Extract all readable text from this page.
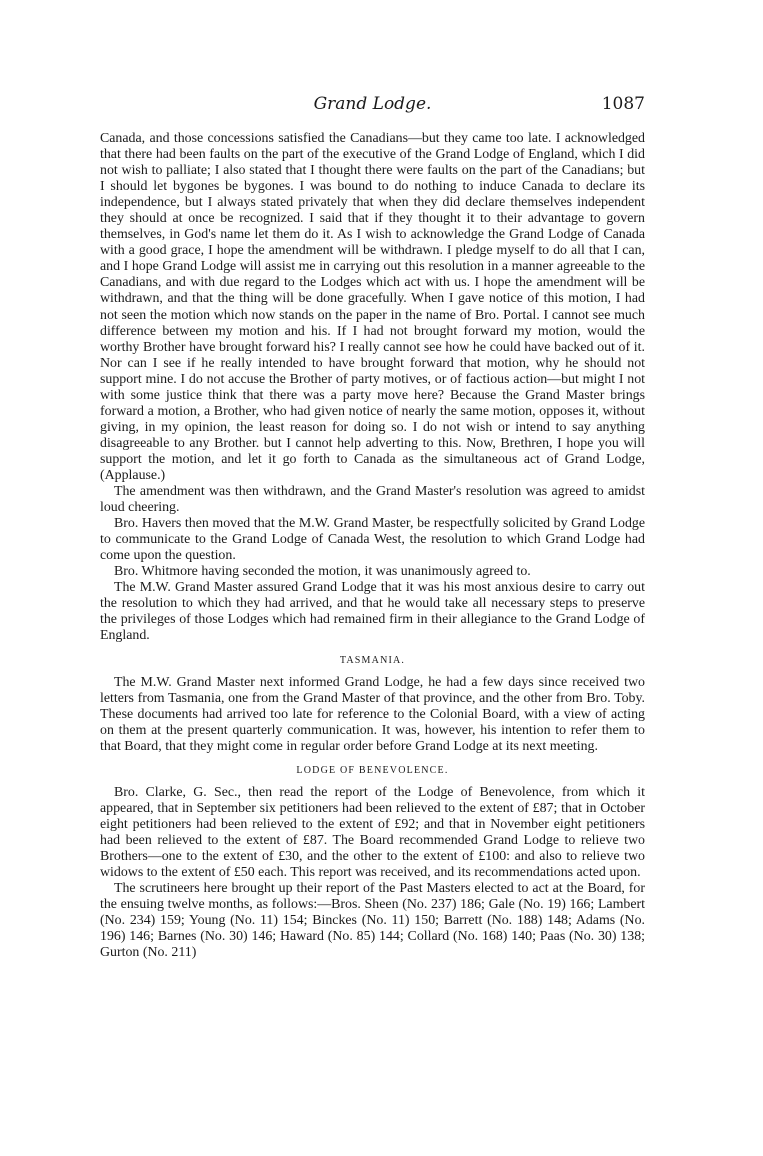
Grand Lodge.	1087

Canada, and those concessions satisfied the Canadians—but they came too late. I acknowledged that there had been faults on the part of the executive of the Grand Lodge of England, which I did not wish to palliate; I also stated that I thought there were faults on the part of the Canadians; but I should let bygones be bygones. I was bound to do nothing to induce Canada to declare its independence, but I always stated privately that when they did declare themselves independent they should at once be recognized. I said that if they thought it to their advantage to govern themselves, in God's name let them do it. As I wish to acknowledge the Grand Lodge of Canada with a good grace, I hope the amendment will be withdrawn. I pledge myself to do all that I can, and I hope Grand Lodge will assist me in carrying out this resolution in a manner agreeable to the Canadians, and with due regard to the Lodges which act with us. I hope the amendment will be withdrawn, and that the thing will be done gracefully. When I gave notice of this motion, I had not seen the motion which now stands on the paper in the name of Bro. Portal. I cannot see much difference between my motion and his. If I had not brought forward my motion, would the worthy Brother have brought forward his? I really cannot see how he could have backed out of it. Nor can I see if he really intended to have brought forward that motion, why he should not support mine. I do not accuse the Brother of party motives, or of factious action—but might I not with some justice think that there was a party move here? Because the Grand Master brings forward a motion, a Brother, who had given notice of nearly the same motion, opposes it, without giving, in my opinion, the least reason for doing so. I do not wish or intend to say anything disagreeable to any Brother. but I cannot help adverting to this. Now, Brethren, I hope you will support the motion, and let it go forth to Canada as the simultaneous act of Grand Lodge, (Applause.)

The amendment was then withdrawn, and the Grand Master's resolution was agreed to amidst loud cheering.

Bro. Havers then moved that the M.W. Grand Master, be respectfully solicited by Grand Lodge to communicate to the Grand Lodge of Canada West, the resolution to which Grand Lodge had come upon the question.

Bro. Whitmore having seconded the motion, it was unanimously agreed to.

The M.W. Grand Master assured Grand Lodge that it was his most anxious desire to carry out the resolution to which they had arrived, and that he would take all necessary steps to preserve the privileges of those Lodges which had remained firm in their allegiance to the Grand Lodge of England.

TASMANIA.

The M.W. Grand Master next informed Grand Lodge, he had a few days since received two letters from Tasmania, one from the Grand Master of that province, and the other from Bro. Toby. These documents had arrived too late for reference to the Colonial Board, with a view of acting on them at the present quarterly communication. It was, however, his intention to refer them to that Board, that they might come in regular order before Grand Lodge at its next meeting.

LODGE OF BENEVOLENCE.

Bro. Clarke, G. Sec., then read the report of the Lodge of Benevolence, from which it appeared, that in September six petitioners had been relieved to the extent of £87; that in October eight petitioners had been relieved to the extent of £92; and that in November eight petitioners had been relieved to the extent of £87. The Board recommended Grand Lodge to relieve two Brothers—one to the extent of £30, and the other to the extent of £100: and also to relieve two widows to the extent of £50 each. This report was received, and its recommendations acted upon.

The scrutineers here brought up their report of the Past Masters elected to act at the Board, for the ensuing twelve months, as follows:—Bros. Sheen (No. 237) 186; Gale (No. 19) 166; Lambert (No. 234) 159; Young (No. 11) 154; Binckes (No. 11) 150; Barrett (No. 188) 148; Adams (No. 196) 146; Barnes (No. 30) 146; Haward (No. 85) 144; Collard (No. 168) 140; Paas (No. 30) 138; Gurton (No. 211)
